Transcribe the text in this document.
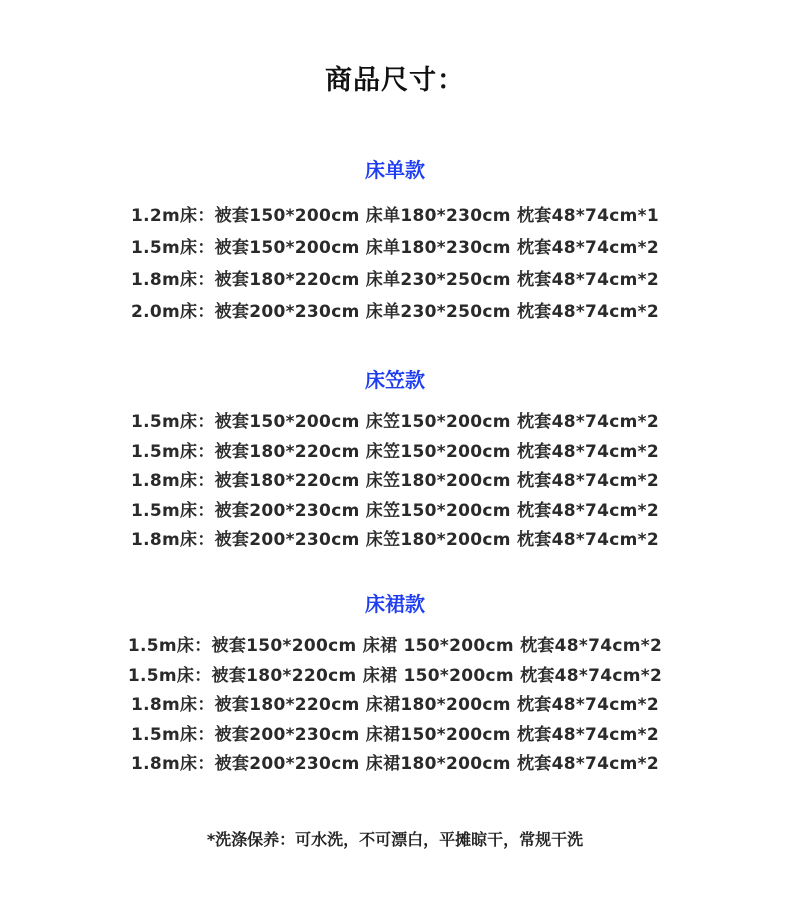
商品尺寸：
床单款
1.2m床：被套150*200cm 床单180*230cm 枕套48*74cm*1
1.5m床：被套150*200cm 床单180*230cm 枕套48*74cm*2
1.8m床：被套180*220cm 床单230*250cm 枕套48*74cm*2
2.0m床：被套200*230cm 床单230*250cm 枕套48*74cm*2
床笠款
1.5m床：被套150*200cm 床笠150*200cm 枕套48*74cm*2
1.5m床：被套180*220cm 床笠150*200cm 枕套48*74cm*2
1.8m床：被套180*220cm 床笠180*200cm 枕套48*74cm*2
1.5m床：被套200*230cm 床笠150*200cm 枕套48*74cm*2
1.8m床：被套200*230cm 床笠180*200cm 枕套48*74cm*2
床裙款
1.5m床：被套150*200cm 床裙 150*200cm 枕套48*74cm*2
1.5m床：被套180*220cm 床裙 150*200cm 枕套48*74cm*2
1.8m床：被套180*220cm 床裙180*200cm 枕套48*74cm*2
1.5m床：被套200*230cm 床裙150*200cm 枕套48*74cm*2
1.8m床：被套200*230cm 床裙180*200cm 枕套48*74cm*2
*洗涤保养：可水洗，不可漂白，平摊晾干，常规干洗
